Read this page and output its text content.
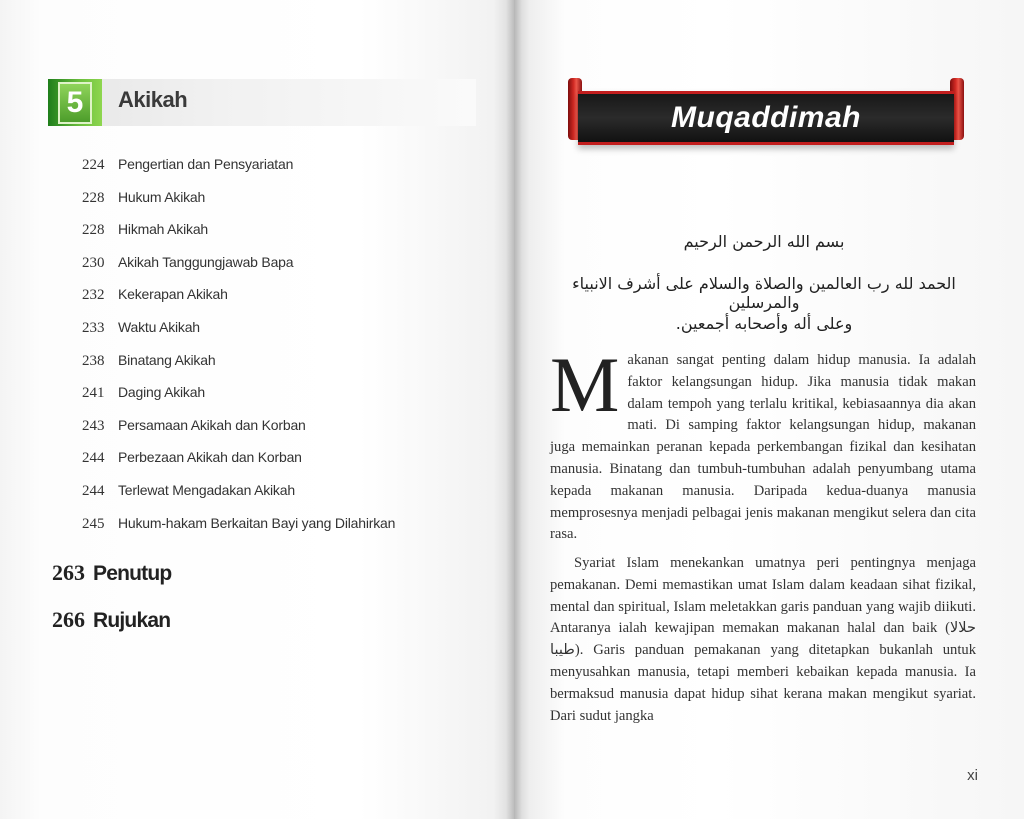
5	Akikah
224 Pengertian dan Pensyariatan
228 Hukum Akikah
228 Hikmah Akikah
230 Akikah Tanggungjawab Bapa
232 Kekerapan Akikah
233 Waktu Akikah
238 Binatang Akikah
241 Daging Akikah
243 Persamaan Akikah dan Korban
244 Perbezaan Akikah dan Korban
244 Terlewat Mengadakan Akikah
245 Hukum-hakam Berkaitan Bayi yang Dilahirkan
263 Penutup
266 Rujukan
Muqaddimah
بسم الله الرحمن الرحيم
الحمد لله رب العالمين والصلاة والسلام على أشرف الانبياء والمرسلين
وعلى أله وأصحابه أجمعين.
Makanan sangat penting dalam hidup manusia. Ia adalah faktor kelangsungan hidup. Jika manusia tidak makan dalam tempoh yang terlalu kritikal, kebiasaannya dia akan mati. Di samping faktor kelangsungan hidup, makanan juga memainkan peranan kepada perkembangan fizikal dan kesihatan manusia. Binatang dan tumbuh-tumbuhan adalah penyumbang utama kepada makanan manusia. Daripada kedua-duanya manusia memprosesnya menjadi pelbagai jenis makanan mengikut selera dan cita rasa.
Syariat Islam menekankan umatnya peri pentingnya menjaga pemakanan. Demi memastikan umat Islam dalam keadaan sihat fizikal, mental dan spiritual, Islam meletakkan garis panduan yang wajib diikuti. Antaranya ialah kewajipan memakan makanan halal dan baik (حلالا طيبا). Garis panduan pemakanan yang ditetapkan bukanlah untuk menyusahkan manusia, tetapi memberi kebaikan kepada manusia. Ia bermaksud manusia dapat hidup sihat kerana makan mengikut syariat. Dari sudut jangka
xi
